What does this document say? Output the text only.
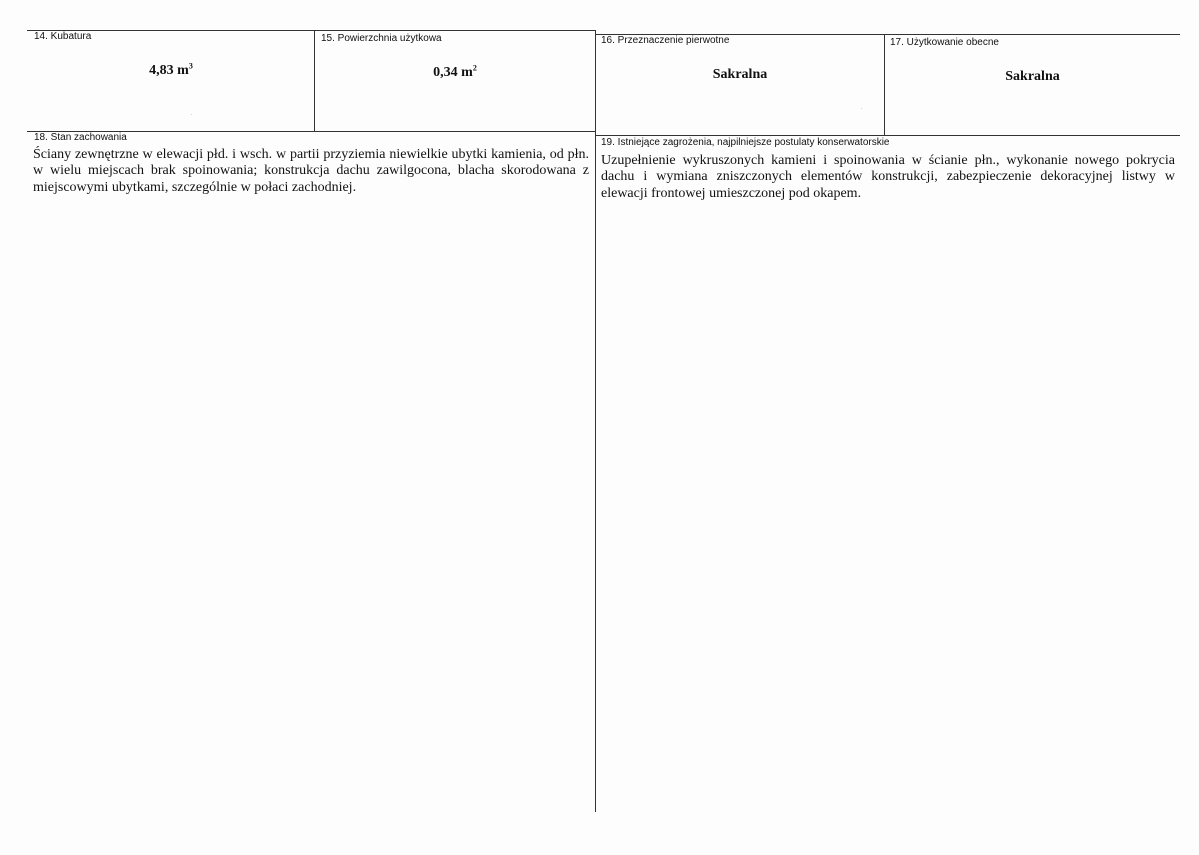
14. Kubatura
4,83 $m^3$
15. Powierzchnia użytkowa
0,34 $m^2$
16. Przeznaczenie pierwotne
Sakralna
17. Użytkowanie obecne
Sakralna
18. Stan zachowania
Ściany zewnętrzne w elewacji płd. i wsch. w partii przyziemia niewielkie ubytki kamienia, od płn. w wielu miejscach brak spoinowania; konstrukcja dachu zawilgocona, blacha skorodowana z miejscowymi ubytkami, szczególnie w połaci zachodniej.
19. Istniejące zagrożenia, najpilniejsze postulaty konserwatorskie
Uzupełnienie wykruszonych kamieni i spoinowania w ścianie płn., wykonanie nowego pokrycia dachu i wymiana zniszczonych elementów konstrukcji, zabezpieczenie dekoracyjnej listwy w elewacji frontowej umieszczonej pod okapem.
·
·
